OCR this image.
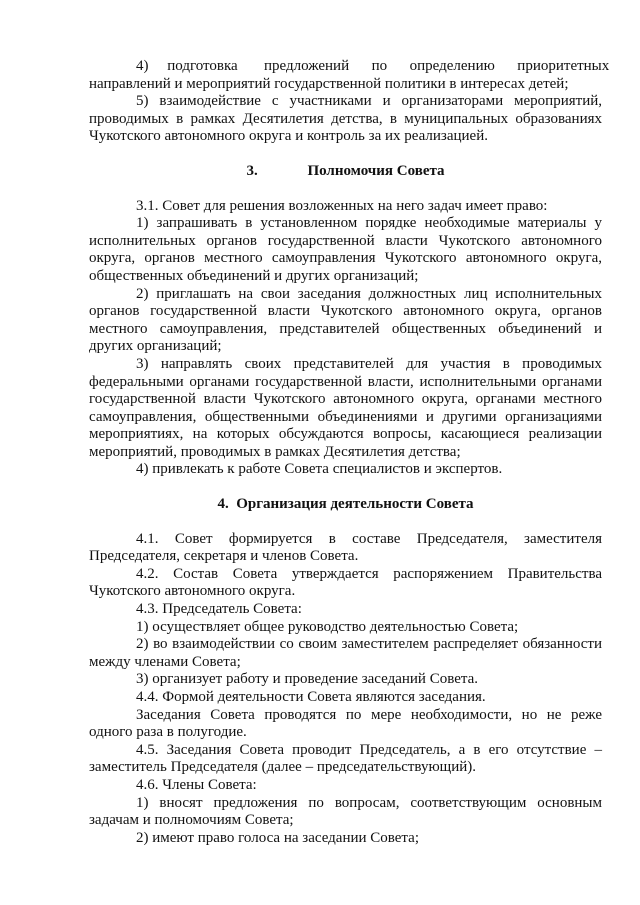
4)     подготовка       предложений      по      определению      приоритетных направлений и мероприятий государственной политики в интересах детей;

5) взаимодействие с участниками и организаторами мероприятий, проводимых в рамках Десятилетия детства, в муниципальных образованиях Чукотского автономного округа и контроль за их реализацией.

3.	Полномочия Совета

3.1. Совет для решения возложенных на него задач имеет право:

1) запрашивать в установленном порядке необходимые материалы у исполнительных органов государственной власти Чукотского автономного округа, органов местного самоуправления Чукотского автономного округа, общественных объединений и других организаций;

2) приглашать на свои заседания должностных лиц исполнительных органов государственной власти Чукотского автономного округа, органов местного самоуправления, представителей общественных объединений и других организаций;

3) направлять своих представителей для участия в проводимых федеральными органами государственной власти, исполнительными органами государственной власти Чукотского автономного округа, органами местного самоуправления, общественными объединениями и другими организациями мероприятиях, на которых обсуждаются вопросы, касающиеся реализации мероприятий, проводимых в рамках Десятилетия детства;

4) привлекать к работе Совета специалистов и экспертов.

4. Организация деятельности Совета

4.1. Совет формируется в составе Председателя, заместителя Председателя, секретаря и членов Совета.

4.2. Состав Совета утверждается распоряжением Правительства Чукотского автономного округа.

4.3. Председатель Совета:

1) осуществляет общее руководство деятельностью Совета;

2) во взаимодействии со своим заместителем распределяет обязанности между членами Совета;

3) организует работу и проведение заседаний Совета.

4.4. Формой деятельности Совета являются заседания.

Заседания Совета проводятся по мере необходимости, но не реже одного раза в полугодие.

4.5. Заседания Совета проводит Председатель, а в его отсутствие – заместитель Председателя (далее – председательствующий).

4.6. Члены Совета:

1) вносят предложения по вопросам, соответствующим основным задачам и полномочиям Совета;

2) имеют право голоса на заседании Совета;
